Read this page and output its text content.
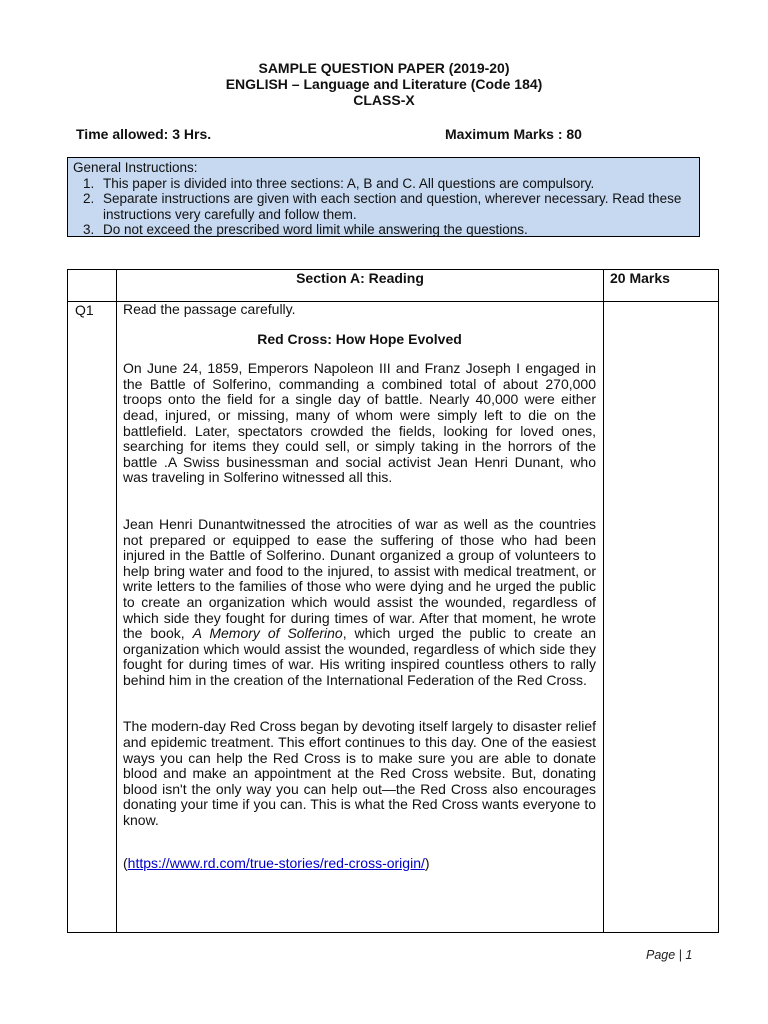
SAMPLE QUESTION PAPER (2019-20)
ENGLISH – Language and Literature (Code 184)
CLASS-X
Time allowed: 3 Hrs.	Maximum Marks : 80
General Instructions:
1. This paper is divided into three sections: A, B and C. All questions are compulsory.
2. Separate instructions are given with each section and question, wherever necessary. Read these instructions very carefully and follow them.
3. Do not exceed the prescribed word limit while answering the questions.
Section A: Reading	20 Marks
Q1 Read the passage carefully.

Red Cross: How Hope Evolved

On June 24, 1859, Emperors Napoleon III and Franz Joseph I engaged in the Battle of Solferino, commanding a combined total of about 270,000 troops onto the field for a single day of battle. Nearly 40,000 were either dead, injured, or missing, many of whom were simply left to die on the battlefield. Later, spectators crowded the fields, looking for loved ones, searching for items they could sell, or simply taking in the horrors of the battle .A Swiss businessman and social activist Jean Henri Dunant, who was traveling in Solferino witnessed all this.

Jean Henri Dunantwitnessed the atrocities of war as well as the countries not prepared or equipped to ease the suffering of those who had been injured in the Battle of Solferino. Dunant organized a group of volunteers to help bring water and food to the injured, to assist with medical treatment, or write letters to the families of those who were dying and he urged the public to create an organization which would assist the wounded, regardless of which side they fought for during times of war. After that moment, he wrote the book, A Memory of Solferino, which urged the public to create an organization which would assist the wounded, regardless of which side they fought for during times of war. His writing inspired countless others to rally behind him in the creation of the International Federation of the Red Cross.

The modern-day Red Cross began by devoting itself largely to disaster relief and epidemic treatment. This effort continues to this day. One of the easiest ways you can help the Red Cross is to make sure you are able to donate blood and make an appointment at the Red Cross website. But, donating blood isn't the only way you can help out—the Red Cross also encourages donating your time if you can. This is what the Red Cross wants everyone to know.

(https://www.rd.com/true-stories/red-cross-origin/)

Page | 1
